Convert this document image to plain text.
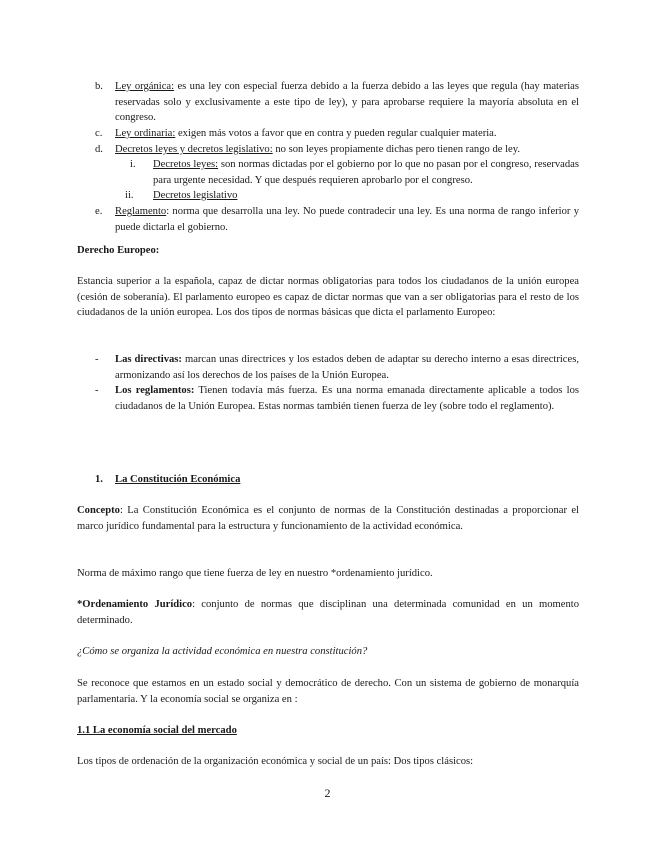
b. Ley orgánica: es una ley con especial fuerza debido a la fuerza debido a las leyes que regula (hay materias reservadas solo y exclusivamente a este tipo de ley), y para aprobarse requiere la mayoría absoluta en el congreso.
c. Ley ordinaria: exigen más votos a favor que en contra y pueden regular cualquier materia.
d. Decretos leyes y decretos legislativo: no son leyes propiamente dichas pero tienen rango de ley.
i. Decretos leyes: son normas dictadas por el gobierno por lo que no pasan por el congreso, reservadas para urgente necesidad. Y que después requieren aprobarlo por el congreso.
ii. Decretos legislativo
e. Reglamento: norma que desarrolla una ley. No puede contradecir una ley. Es una norma de rango inferior y puede dictarla el gobierno.
Derecho Europeo:
Estancia superior a la española, capaz de dictar normas obligatorias para todos los ciudadanos de la unión europea (cesión de soberanía). El parlamento europeo es capaz de dictar normas que van a ser obligatorias para el resto de los ciudadanos de la unión europea. Los dos tipos de normas básicas que dicta el parlamento Europeo:
- Las directivas: marcan unas directrices y los estados deben de adaptar su derecho interno a esas directrices, armonizando así los derechos de los países de la Unión Europea.
- Los reglamentos: Tienen todavía más fuerza. Es una norma emanada directamente aplicable a todos los ciudadanos de la Unión Europea. Estas normas también tienen fuerza de ley (sobre todo el reglamento).
1. La Constitución Económica
Concepto: La Constitución Económica es el conjunto de normas de la Constitución destinadas a proporcionar el marco jurídico fundamental para la estructura y funcionamiento de la actividad económica.
Norma de máximo rango que tiene fuerza de ley en nuestro *ordenamiento jurídico.
*Ordenamiento Jurídico: conjunto de normas que disciplinan una determinada comunidad en un momento determinado.
¿Cómo se organiza la actividad económica en nuestra constitución?
Se reconoce que estamos en un estado social y democrático de derecho. Con un sistema de gobierno de monarquía parlamentaria. Y la economía social se organiza en :
1.1 La economía social del mercado
Los tipos de ordenación de la organización económica y social de un país: Dos tipos clásicos:
2
